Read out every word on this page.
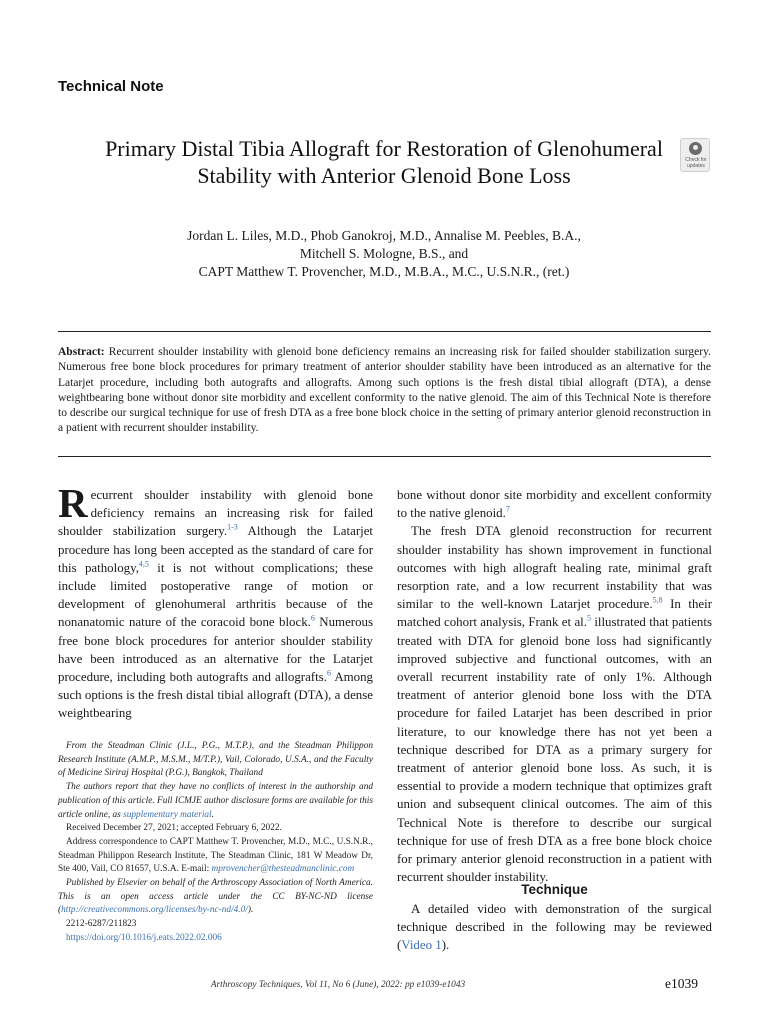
Technical Note
Primary Distal Tibia Allograft for Restoration of Glenohumeral Stability with Anterior Glenoid Bone Loss
Check for updates
Jordan L. Liles, M.D., Phob Ganokroj, M.D., Annalise M. Peebles, B.A.,
Mitchell S. Mologne, B.S., and
CAPT Matthew T. Provencher, M.D., M.B.A., M.C., U.S.N.R., (ret.)
Abstract: Recurrent shoulder instability with glenoid bone deficiency remains an increasing risk for failed shoulder stabilization surgery. Numerous free bone block procedures for primary treatment of anterior shoulder stability have been introduced as an alternative for the Latarjet procedure, including both autografts and allografts. Among such options is the fresh distal tibial allograft (DTA), a dense weightbearing bone without donor site morbidity and excellent conformity to the native glenoid. The aim of this Technical Note is therefore to describe our surgical technique for use of fresh DTA as a free bone block choice in the setting of primary anterior glenoid reconstruction in a patient with recurrent shoulder instability.

Recurrent shoulder instability with glenoid bone deficiency remains an increasing risk for failed shoulder stabilization surgery.$^{1-3}$ Although the Latarjet procedure has long been accepted as the standard of care for this pathology,$^{4,5}$ it is not without complications; these include limited postoperative range of motion or development of glenohumeral arthritis because of the nonanatomic nature of the coracoid bone block.$^6$ Numerous free bone block procedures for anterior shoulder stability have been introduced as an alternative for the Latarjet procedure, including both autografts and allografts.$^6$ Among such options is the fresh distal tibial allograft (DTA), a dense weightbearing

From the Steadman Clinic (J.L., P.G., M.T.P.), and the Steadman Philippon Research Institute (A.M.P., M.S.M., M/T.P.), Vail, Colorado, U.S.A., and the Faculty of Medicine Siriraj Hospital (P.G.), Bangkok, Thailand

The authors report that they have no conflicts of interest in the authorship and publication of this article. Full ICMJE author disclosure forms are available for this article online, as supplementary material.

Received December 27, 2021; accepted February 6, 2022.

Address correspondence to CAPT Matthew T. Provencher, M.D., M.C., U.S.N.R., Steadman Philippon Research Institute, The Steadman Clinic, 181 W Meadow Dr, Ste 400, Vail, CO 81657, U.S.A. E-mail: mprovencher@thesteadmanclinic.com

Published by Elsevier on behalf of the Arthroscopy Association of North America. This is an open access article under the CC BY-NC-ND license (http://creativecommons.org/licenses/by-nc-nd/4.0/).

2212-6287/211823

https://doi.org/10.1016/j.eats.2022.02.006

bone without donor site morbidity and excellent conformity to the native glenoid.$^7$

The fresh DTA glenoid reconstruction for recurrent shoulder instability has shown improvement in functional outcomes with high allograft healing rate, minimal graft resorption rate, and a low recurrent instability that was similar to the well-known Latarjet procedure.$^{5,8}$ In their matched cohort analysis, Frank et al.$^5$ illustrated that patients treated with DTA for glenoid bone loss had significantly improved subjective and functional outcomes, with an overall recurrent instability rate of only 1%. Although treatment of anterior glenoid bone loss with the DTA procedure for failed Latarjet has been described in prior literature, to our knowledge there has not yet been a technique described for DTA as a primary surgery for treatment of anterior glenoid bone loss. As such, it is essential to provide a modern technique that optimizes graft union and subsequent clinical outcomes. The aim of this Technical Note is therefore to describe our surgical technique for use of fresh DTA as a free bone block choice for primary anterior glenoid reconstruction in a patient with recurrent shoulder instability.

Technique

A detailed video with demonstration of the surgical technique described in the following may be reviewed (Video 1).

Arthroscopy Techniques, Vol 11, No 6 (June), 2022: pp e1039-e1043	e1039
